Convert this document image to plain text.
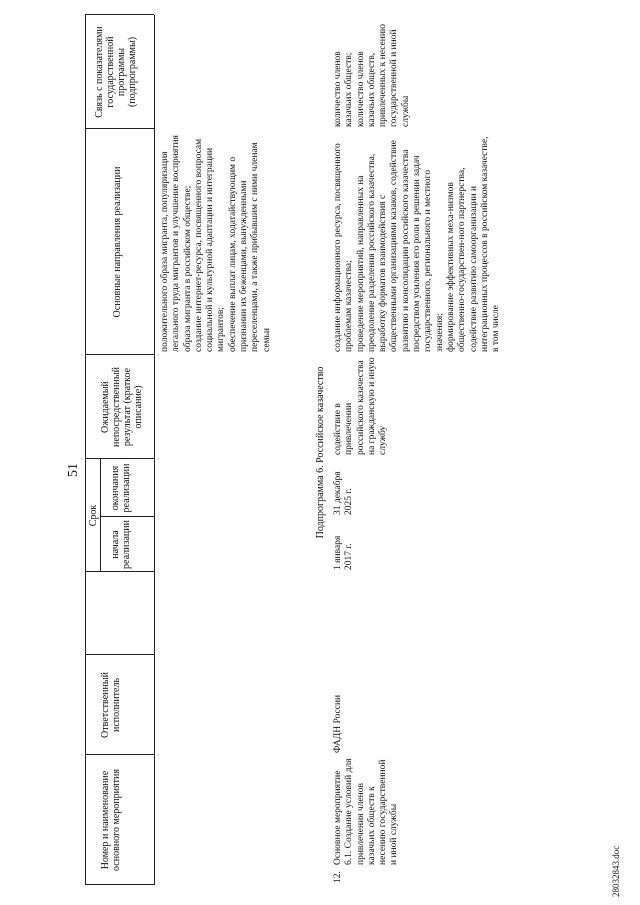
51
28032843.doc
Номер и наименование основного мероприятия
Ответственный исполнитель
Срок
начала реализации
окончания реализации
Ожидаемый непосредственный результат (краткое описание)
Основные направления реализации
Связь с показателями государственной программы (подпрограммы)
положительного образа мигранта, популяризация легального труда мигрантов и улучшение восприятия образа мигранта в российском обществе;
создание интернет-ресурса, посвященного вопросам социальной и культурной адаптации и интеграции мигрантов;
обеспечение выплат лицам, ходатайствующим о признании их беженцами, вынужденными переселенцами, а также прибывшим с ними членам семьи
Подпрограмма 6. Российское казачество
12.
Основное мероприятие 6.1. Создание условий для привлечения членов казачьих обществ к несению государственной и иной службы
ФАДН России
1 января 2017 г.
31 декабря 2025 г.
содействие в привлечении российского казачества на гражданскую и иную службу
создание информационного ресурса, посвященного проблемам казачества;
проведение мероприятий, направленных на преодоление разделения российского казачества, выработку форматов взаимодействия с общественными организациями казаков, содействие развитию и консолидации российского казачества посредством усиления его роли в решении задач государственного, регионального и местного значения;
формирование эффективных меха-низмов общественно-государствен-ного партнерства, содействие развитию самоорганизации и интеграционных процессов в российском казачестве, в том числе
количество членов казачьих обществ;
количество членов казачьих обществ, привлеченных к несению государственной и иной службы
